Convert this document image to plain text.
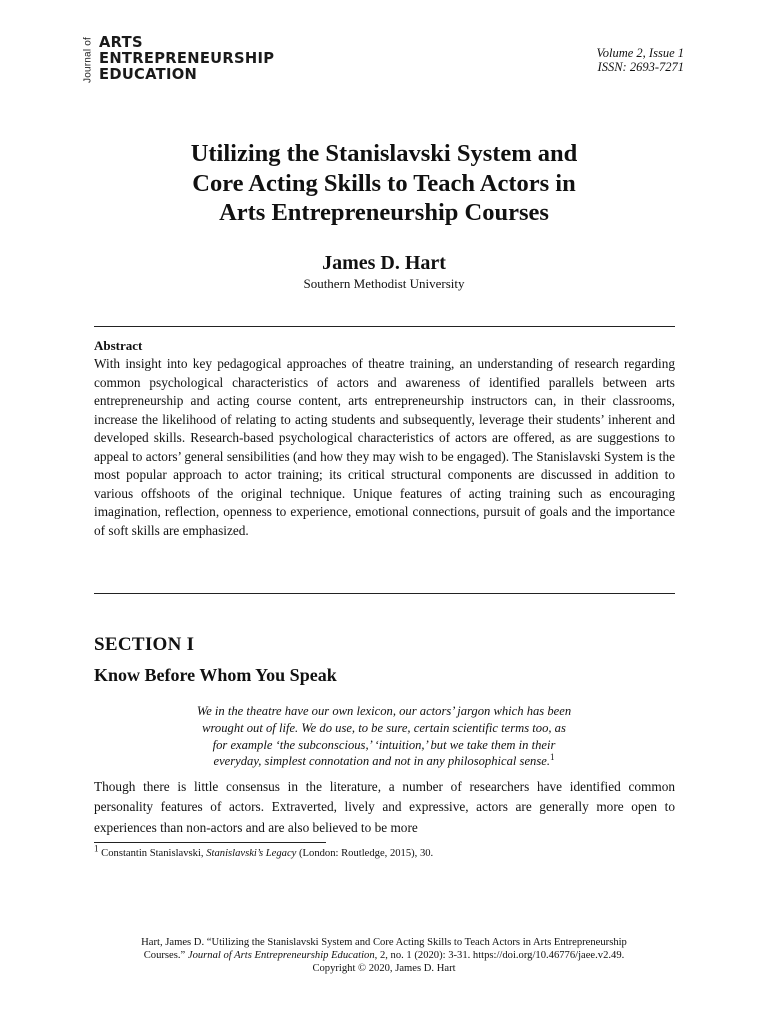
Journal of ARTS
ENTREPRENEURSHIP
EDUCATION
Volume 2, Issue 1
ISSN: 2693-7271
Utilizing the Stanislavski System and
Core Acting Skills to Teach Actors in
Arts Entrepreneurship Courses
James D. Hart
Southern Methodist University
Abstract
With insight into key pedagogical approaches of theatre training, an understanding of research regarding common psychological characteristics of actors and awareness of identified parallels between arts entrepreneurship and acting course content, arts entrepreneurship instructors can, in their classrooms, increase the likelihood of relating to acting students and subsequently, leverage their students’ inherent and developed skills. Research-based psychological characteristics of actors are offered, as are suggestions to appeal to actors’ general sensibilities (and how they may wish to be engaged). The Stanislavski System is the most popular approach to actor training; its critical structural components are discussed in addition to various offshoots of the original technique. Unique features of acting training such as encouraging imagination, reflection, openness to experience, emotional connections, pursuit of goals and the importance of soft skills are emphasized.
SECTION I
Know Before Whom You Speak
We in the theatre have our own lexicon, our actors’ jargon which has been
wrought out of life. We do use, to be sure, certain scientific terms too, as
for example ‘the subconscious,’ ‘intuition,’ but we take them in their
everyday, simplest connotation and not in any philosophical sense.$^1$
Though there is little consensus in the literature, a number of researchers have identified common personality features of actors. Extraverted, lively and expressive, actors are generally more open to experiences than non-actors and are also believed to be more
$^1$ Constantin Stanislavski, Stanislavski’s Legacy (London: Routledge, 2015), 30.
Hart, James D. “Utilizing the Stanislavski System and Core Acting Skills to Teach Actors in Arts Entrepreneurship
Courses.” Journal of Arts Entrepreneurship Education, 2, no. 1 (2020): 3-31. https://doi.org/10.46776/jaee.v2.49.
Copyright © 2020, James D. Hart
